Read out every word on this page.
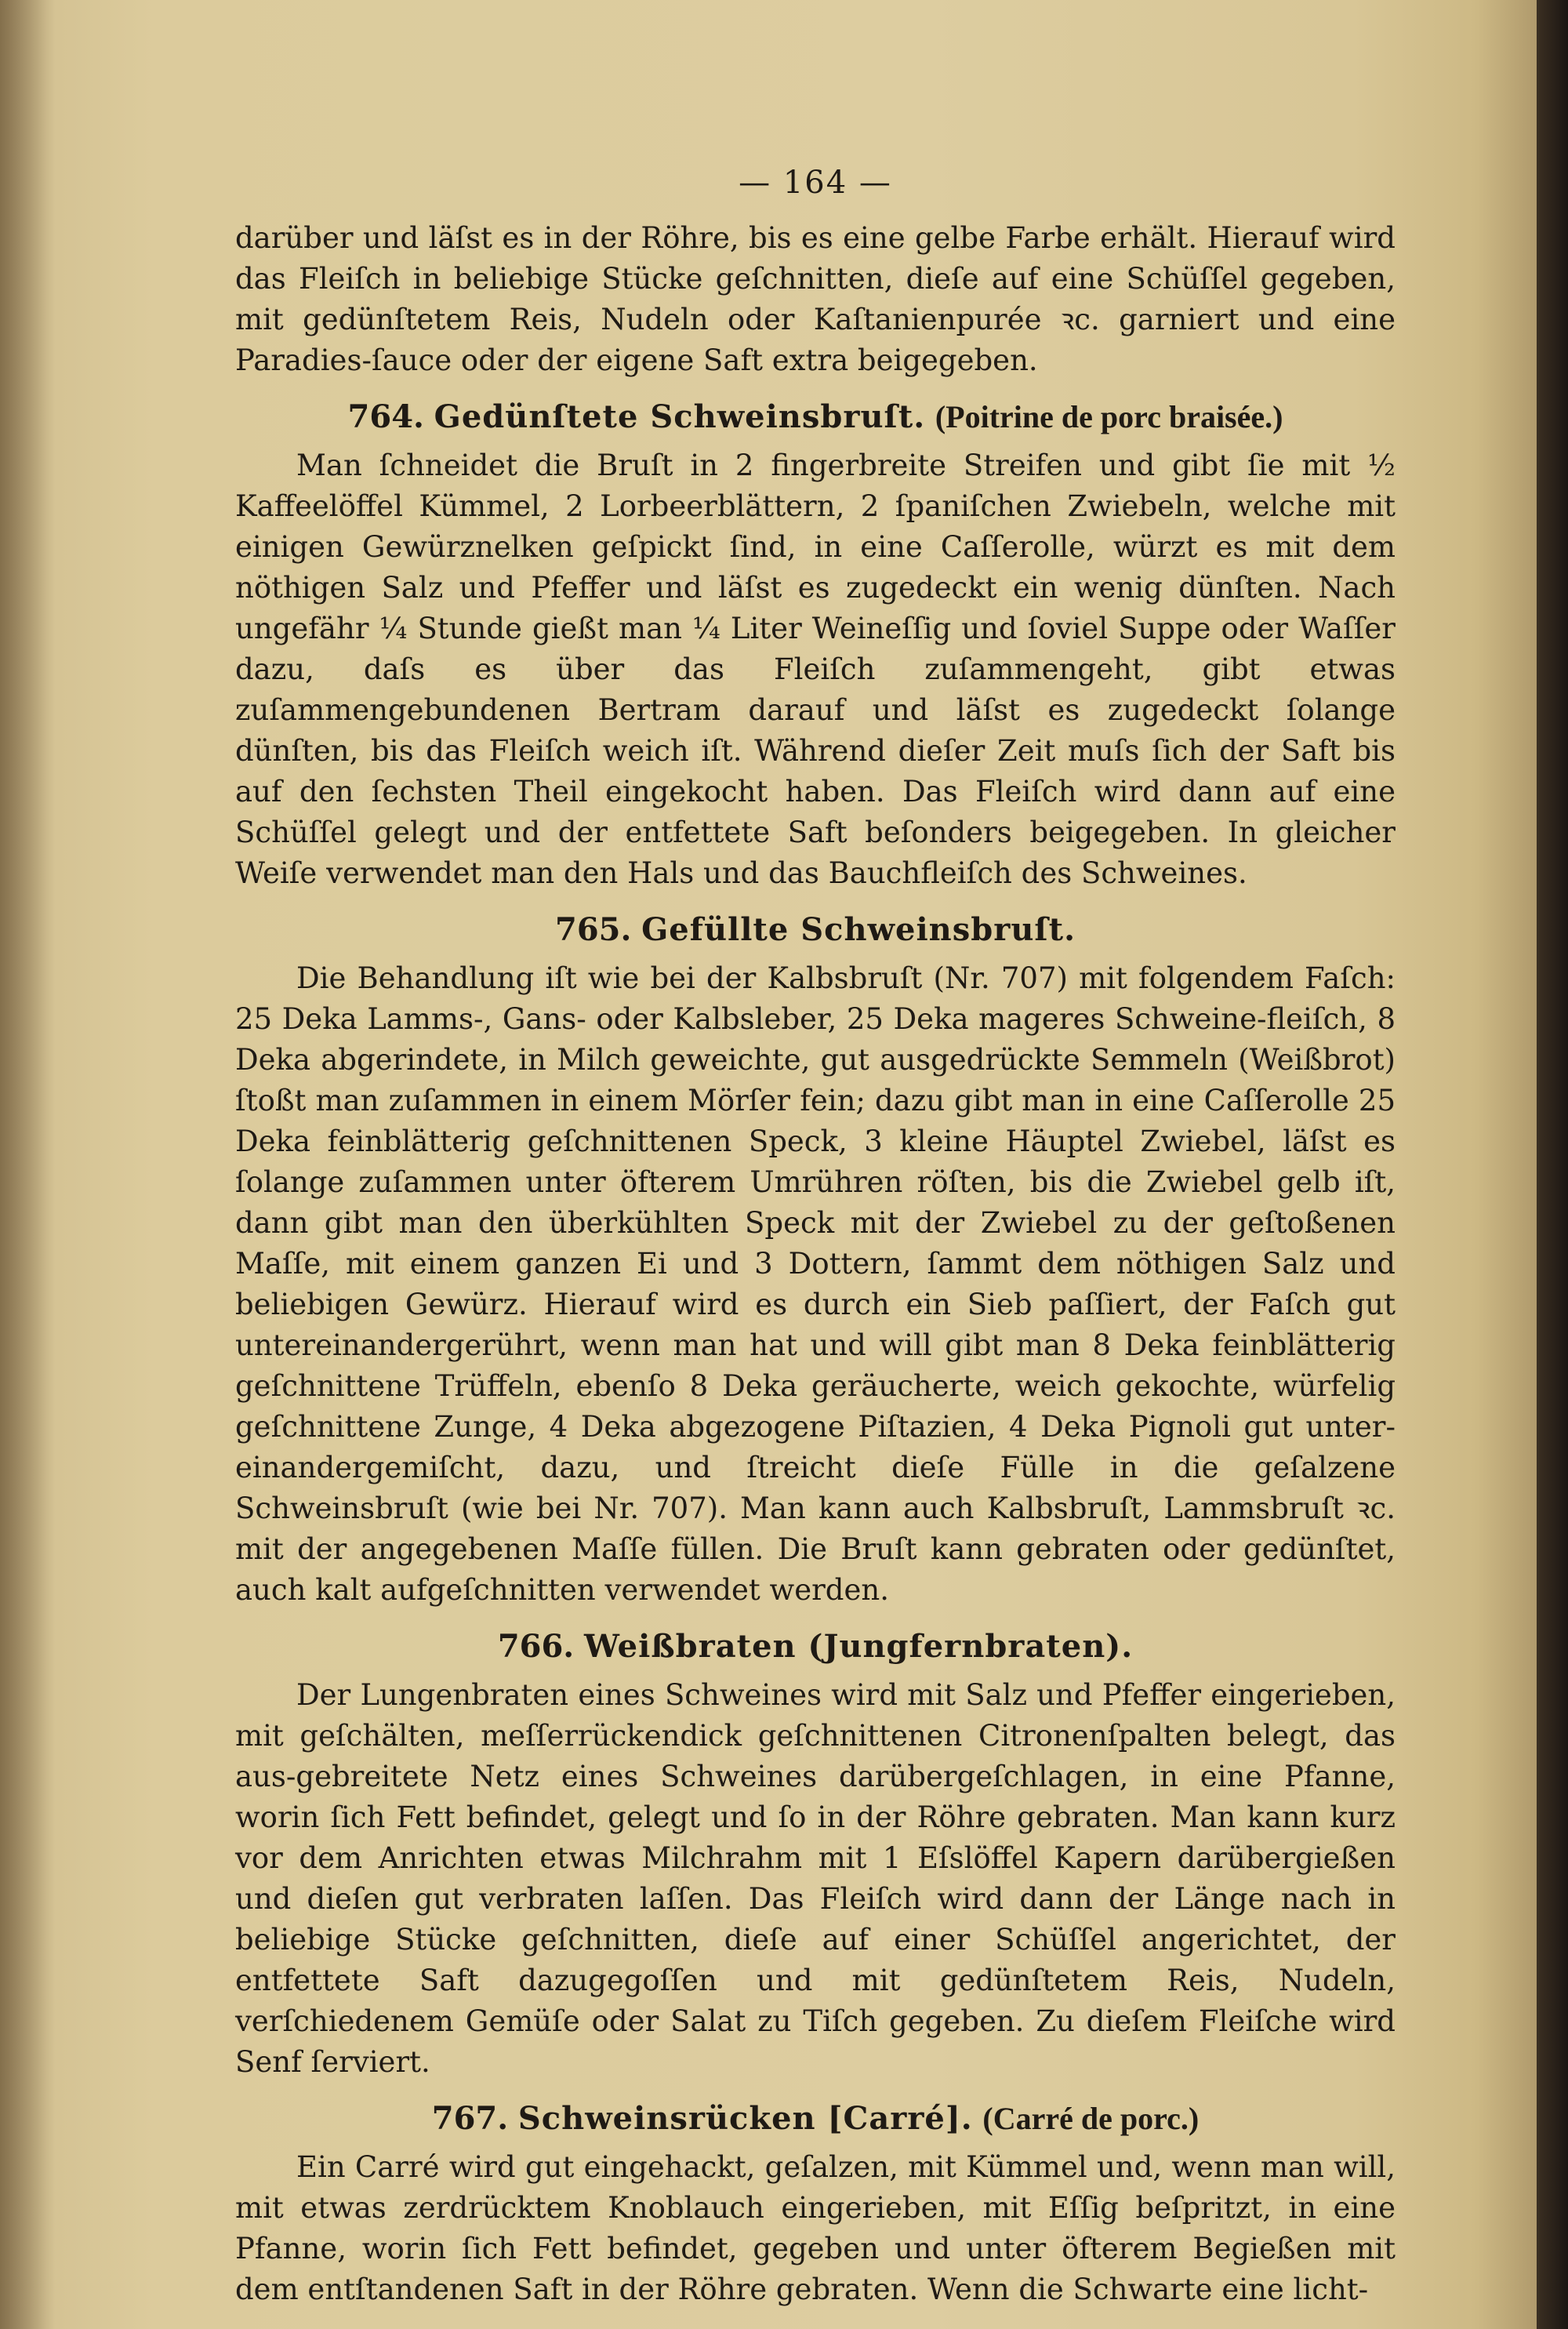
— 164 —

darüber und läſst es in der Röhre, bis es eine gelbe Farbe erhält. Hierauf wird das Fleiſch in beliebige Stücke geſchnitten, dieſe auf eine Schüſſel gegeben, mit gedünſtetem Reis, Nudeln oder Kaſtanienpurée ꝛc. garniert und eine Paradies-ſauce oder der eigene Saft extra beigegeben.

764. Gedünſtete Schweinsbruſt. (Poitrine de porc braisée.)

Man ſchneidet die Bruſt in 2 fingerbreite Streifen und gibt ſie mit ½ Kaffeelöffel Kümmel, 2 Lorbeerblättern, 2 ſpaniſchen Zwiebeln, welche mit einigen Gewürznelken geſpickt ſind, in eine Caſſerolle, würzt es mit dem nöthigen Salz und Pfeffer und läſst es zugedeckt ein wenig dünſten. Nach ungefähr ¼ Stunde gießt man ¼ Liter Weineſſig und ſoviel Suppe oder Waſſer dazu, daſs es über das Fleiſch zuſammengeht, gibt etwas zuſammengebundenen Bertram darauf und läſst es zugedeckt ſolange dünſten, bis das Fleiſch weich iſt. Während dieſer Zeit muſs ſich der Saft bis auf den ſechsten Theil eingekocht haben. Das Fleiſch wird dann auf eine Schüſſel gelegt und der entfettete Saft beſonders beigegeben. In gleicher Weiſe verwendet man den Hals und das Bauchfleiſch des Schweines.

765. Gefüllte Schweinsbruſt.

Die Behandlung iſt wie bei der Kalbsbruſt (Nr. 707) mit folgendem Faſch: 25 Deka Lamms-, Gans- oder Kalbsleber, 25 Deka mageres Schweine-fleiſch, 8 Deka abgerindete, in Milch geweichte, gut ausgedrückte Semmeln (Weißbrot) ſtoßt man zuſammen in einem Mörſer fein; dazu gibt man in eine Caſſerolle 25 Deka feinblätterig geſchnittenen Speck, 3 kleine Häuptel Zwiebel, läſst es ſolange zuſammen unter öfterem Umrühren röſten, bis die Zwiebel gelb iſt, dann gibt man den überkühlten Speck mit der Zwiebel zu der geſtoßenen Maſſe, mit einem ganzen Ei und 3 Dottern, ſammt dem nöthigen Salz und beliebigen Gewürz. Hierauf wird es durch ein Sieb paſſiert, der Faſch gut untereinandergerührt, wenn man hat und will gibt man 8 Deka feinblätterig geſchnittene Trüffeln, ebenſo 8 Deka geräucherte, weich gekochte, würfelig geſchnittene Zunge, 4 Deka abgezogene Piſtazien, 4 Deka Pignoli gut unter-einandergemiſcht, dazu, und ſtreicht dieſe Fülle in die geſalzene Schweinsbruſt (wie bei Nr. 707). Man kann auch Kalbsbruſt, Lammsbruſt ꝛc. mit der angegebenen Maſſe füllen. Die Bruſt kann gebraten oder gedünſtet, auch kalt aufgeſchnitten verwendet werden.

766. Weißbraten (Jungfernbraten).

Der Lungenbraten eines Schweines wird mit Salz und Pfeffer eingerieben, mit geſchälten, meſſerrückendick geſchnittenen Citronenſpalten belegt, das aus-gebreitete Netz eines Schweines darübergeſchlagen, in eine Pfanne, worin ſich Fett befindet, gelegt und ſo in der Röhre gebraten. Man kann kurz vor dem Anrichten etwas Milchrahm mit 1 Eſslöffel Kapern darübergießen und dieſen gut verbraten laſſen. Das Fleiſch wird dann der Länge nach in beliebige Stücke geſchnitten, dieſe auf einer Schüſſel angerichtet, der entfettete Saft dazugegoſſen und mit gedünſtetem Reis, Nudeln, verſchiedenem Gemüſe oder Salat zu Tiſch gegeben. Zu dieſem Fleiſche wird Senf ſerviert.

767. Schweinsrücken [Carré]. (Carré de porc.)

Ein Carré wird gut eingehackt, geſalzen, mit Kümmel und, wenn man will, mit etwas zerdrücktem Knoblauch eingerieben, mit Eſſig beſpritzt, in eine Pfanne, worin ſich Fett befindet, gegeben und unter öfterem Begießen mit dem entſtandenen Saft in der Röhre gebraten. Wenn die Schwarte eine licht-
